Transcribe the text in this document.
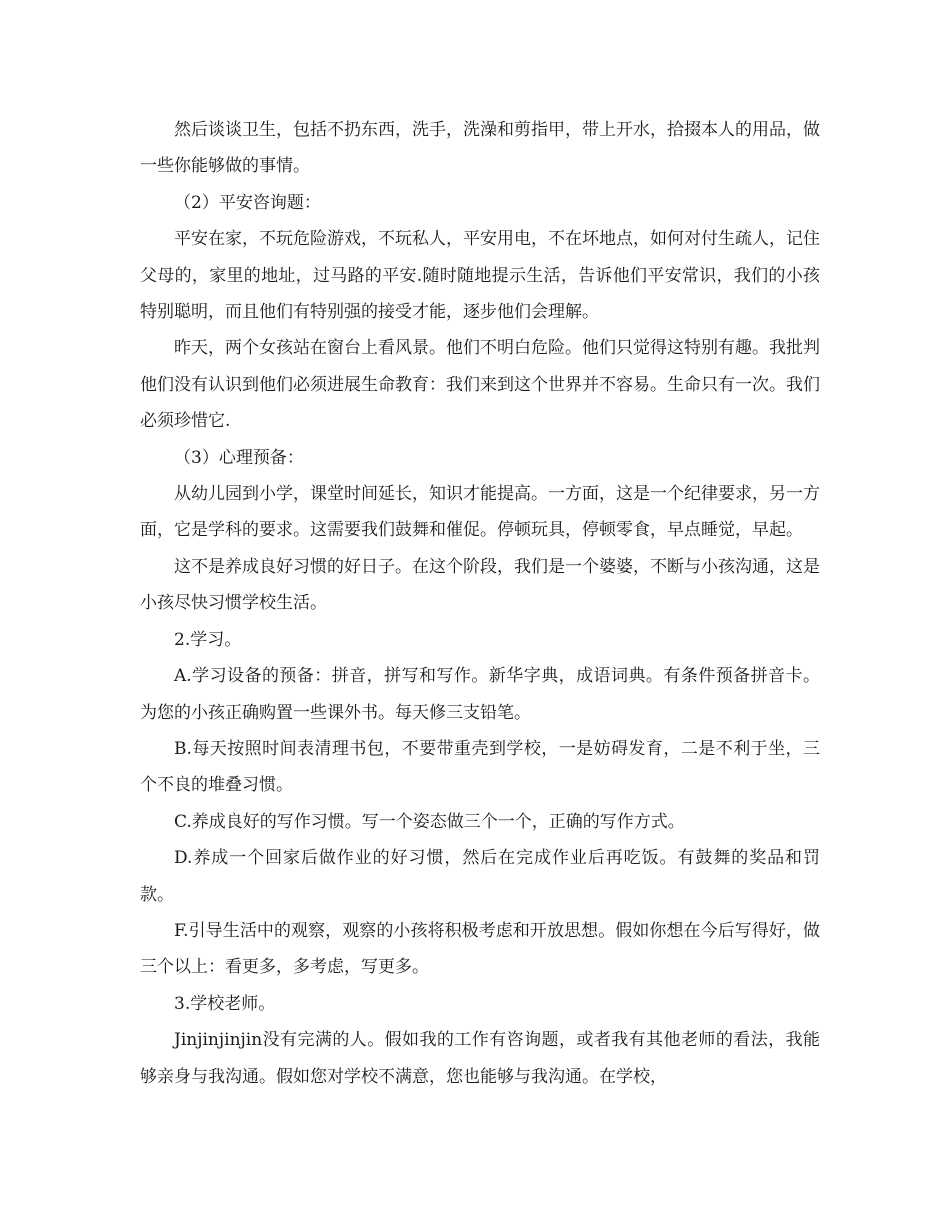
然后谈谈卫生，包括不扔东西，洗手，洗澡和剪指甲，带上开水，拾掇本人的用品，做一些你能够做的事情。

（2）平安咨询题：

平安在家，不玩危险游戏，不玩私人，平安用电，不在坏地点，如何对付生疏人，记住父母的，家里的地址，过马路的平安.随时随地提示生活，告诉他们平安常识，我们的小孩特别聪明，而且他们有特别强的接受才能，逐步他们会理解。

昨天，两个女孩站在窗台上看风景。他们不明白危险。他们只觉得这特别有趣。我批判他们没有认识到他们必须进展生命教育：我们来到这个世界并不容易。生命只有一次。我们必须珍惜它.

（3）心理预备：

从幼儿园到小学，课堂时间延长，知识才能提高。一方面，这是一个纪律要求，另一方面，它是学科的要求。这需要我们鼓舞和催促。停顿玩具，停顿零食，早点睡觉，早起。

这不是养成良好习惯的好日子。在这个阶段，我们是一个婆婆，不断与小孩沟通，这是小孩尽快习惯学校生活。

2.学习。

A.学习设备的预备：拼音，拼写和写作。新华字典，成语词典。有条件预备拼音卡。为您的小孩正确购置一些课外书。每天修三支铅笔。

B.每天按照时间表清理书包，不要带重壳到学校，一是妨碍发育，二是不利于坐，三个不良的堆叠习惯。

C.养成良好的写作习惯。写一个姿态做三个一个，正确的写作方式。

D.养成一个回家后做作业的好习惯，然后在完成作业后再吃饭。有鼓舞的奖品和罚款。

F.引导生活中的观察，观察的小孩将积极考虑和开放思想。假如你想在今后写得好，做三个以上：看更多，多考虑，写更多。

3.学校老师。

Jinjinjinjin没有完满的人。假如我的工作有咨询题，或者我有其他老师的看法，我能够亲身与我沟通。假如您对学校不满意，您也能够与我沟通。在学校，
